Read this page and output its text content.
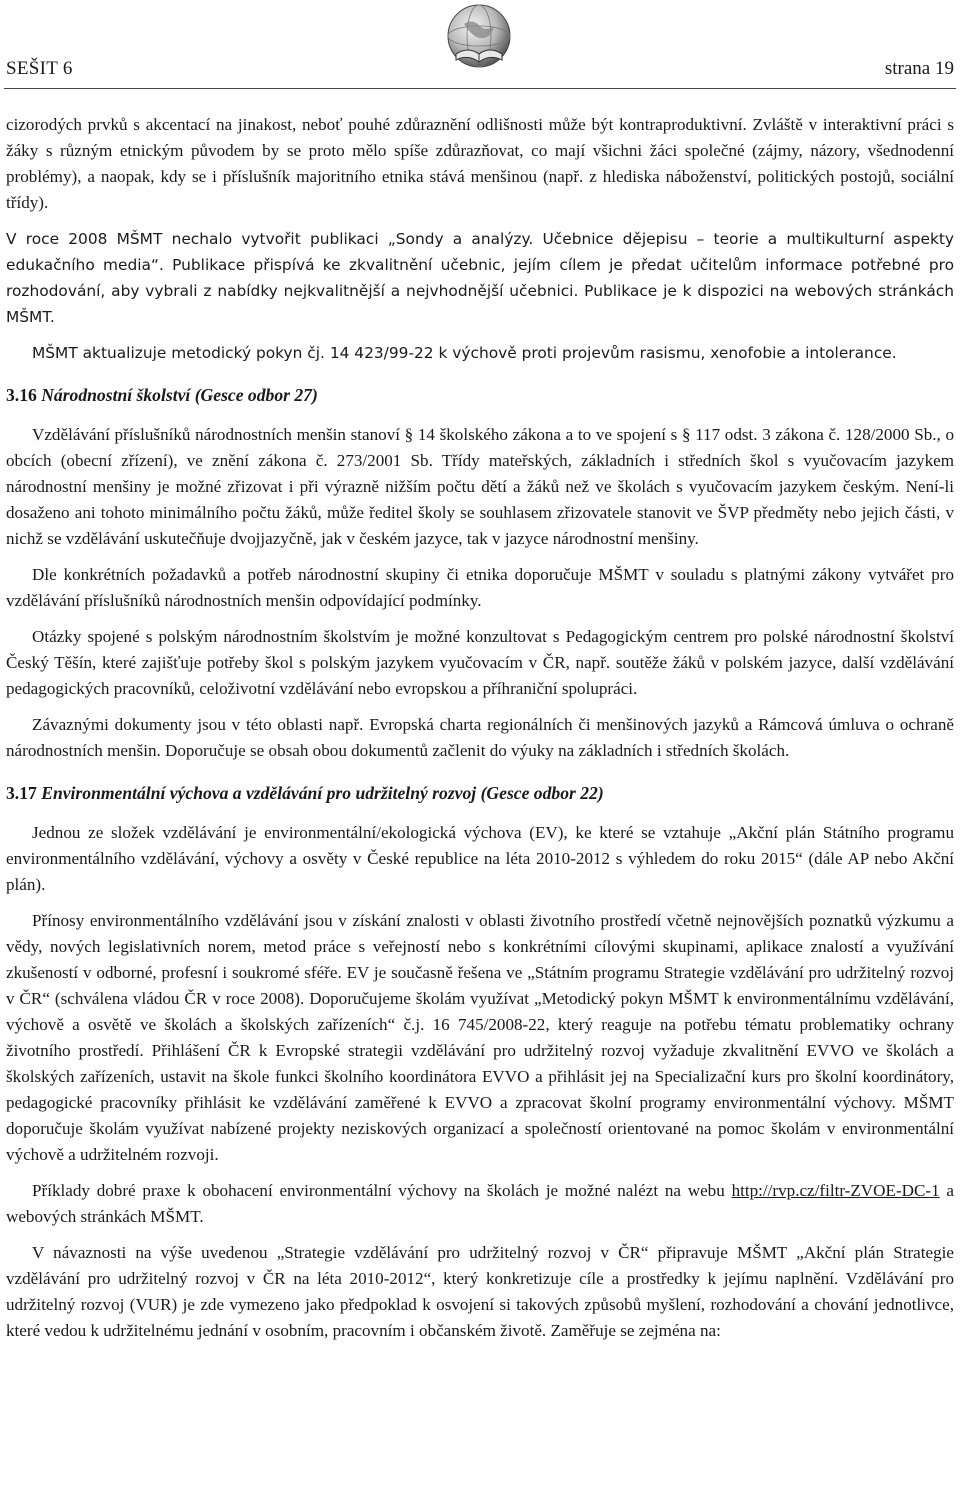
SEŠIT 6	strana 19

cizorodých prvků s akcentací na jinakost, neboť pouhé zdůraznění odlišnosti může být kontraproduktivní. Zvláště v interaktivní práci s žáky s různým etnickým původem by se proto mělo spíše zdůrazňovat, co mají všichni žáci společné (zájmy, názory, všednodenní problémy), a naopak, kdy se i příslušník majoritního etnika stává menšinou (např. z hlediska náboženství, politických postojů, sociální třídy).

V roce 2008 MŠMT nechalo vytvořit publikaci „Sondy a analýzy. Učebnice dějepisu – teorie a multikulturní aspekty edukačního media“. Publikace přispívá ke zkvalitnění učebnic, jejím cílem je předat učitelům informace potřebné pro rozhodování, aby vybrali z nabídky nejkvalitnější a nejvhodnější učebnici. Publikace je k dispozici na webových stránkách MŠMT.

MŠMT aktualizuje metodický pokyn čj. 14 423/99-22 k výchově proti projevům rasismu, xenofobie a intolerance.

3.16 Národnostní školství (Gesce odbor 27)

Vzdělávání příslušníků národnostních menšin stanoví § 14 školského zákona a to ve spojení s § 117 odst. 3 zákona č. 128/2000 Sb., o obcích (obecní zřízení), ve znění zákona č. 273/2001 Sb. Třídy mateřských, základních i středních škol s vyučovacím jazykem národnostní menšiny je možné zřizovat i při výrazně nižším počtu dětí a žáků než ve školách s vyučovacím jazykem českým. Není-li dosaženo ani tohoto minimálního počtu žáků, může ředitel školy se souhlasem zřizovatele stanovit ve ŠVP předměty nebo jejich části, v nichž se vzdělávání uskutečňuje dvojjazyčně, jak v českém jazyce, tak v jazyce národnostní menšiny.

Dle konkrétních požadavků a potřeb národnostní skupiny či etnika doporučuje MŠMT v souladu s platnými zákony vytvářet pro vzdělávání příslušníků národnostních menšin odpovídající podmínky.

Otázky spojené s polským národnostním školstvím je možné konzultovat s Pedagogickým centrem pro polské národnostní školství Český Těšín, které zajišťuje potřeby škol s polským jazykem vyučovacím v ČR, např. soutěže žáků v polském jazyce, další vzdělávání pedagogických pracovníků, celoživotní vzdělávání nebo evropskou a příhraniční spolupráci.

Závaznými dokumenty jsou v této oblasti např. Evropská charta regionálních či menšinových jazyků a Rámcová úmluva o ochraně národnostních menšin. Doporučuje se obsah obou dokumentů začlenit do výuky na základních i středních školách.

3.17 Environmentální výchova a vzdělávání pro udržitelný rozvoj (Gesce odbor 22)

Jednou ze složek vzdělávání je environmentální/ekologická výchova (EV), ke které se vztahuje „Akční plán Státního programu environmentálního vzdělávání, výchovy a osvěty v České republice na léta 2010-2012 s výhledem do roku 2015“ (dále AP nebo Akční plán).

Přínosy environmentálního vzdělávání jsou v získání znalosti v oblasti životního prostředí včetně nejnovějších poznatků výzkumu a vědy, nových legislativních norem, metod práce s veřejností nebo s konkrétními cílovými skupinami, aplikace znalostí a využívání zkušeností v odborné, profesní i soukromé sféře. EV je současně řešena ve „Státním programu Strategie vzdělávání pro udržitelný rozvoj v ČR“ (schválena vládou ČR v roce 2008). Doporučujeme školám využívat „Metodický pokyn MŠMT k environmentálnímu vzdělávání, výchově a osvětě ve školách a školských zařízeních“ č.j. 16 745/2008-22, který reaguje na potřebu tématu problematiky ochrany životního prostředí. Přihlášení ČR k Evropské strategii vzdělávání pro udržitelný rozvoj vyžaduje zkvalitnění EVVO ve školách a školských zařízeních, ustavit na škole funkci školního koordinátora EVVO a přihlásit jej na Specializační kurs pro školní koordinátory, pedagogické pracovníky přihlásit ke vzdělávání zaměřené k EVVO a zpracovat školní programy environmentální výchovy. MŠMT doporučuje školám využívat nabízené projekty neziskových organizací a společností orientované na pomoc školám v environmentální výchově a udržitelném rozvoji.

Příklady dobré praxe k obohacení environmentální výchovy na školách je možné nalézt na webu http://rvp.cz/filtr-ZVOE-DC-1 a webových stránkách MŠMT.

V návaznosti na výše uvedenou „Strategie vzdělávání pro udržitelný rozvoj v ČR“ připravuje MŠMT „Akční plán Strategie vzdělávání pro udržitelný rozvoj v ČR na léta 2010-2012“, který konkretizuje cíle a prostředky k jejímu naplnění. Vzdělávání pro udržitelný rozvoj (VUR) je zde vymezeno jako předpoklad k osvojení si takových způsobů myšlení, rozhodování a chování jednotlivce, které vedou k udržitelnému jednání v osobním, pracovním i občanském životě. Zaměřuje se zejména na:
